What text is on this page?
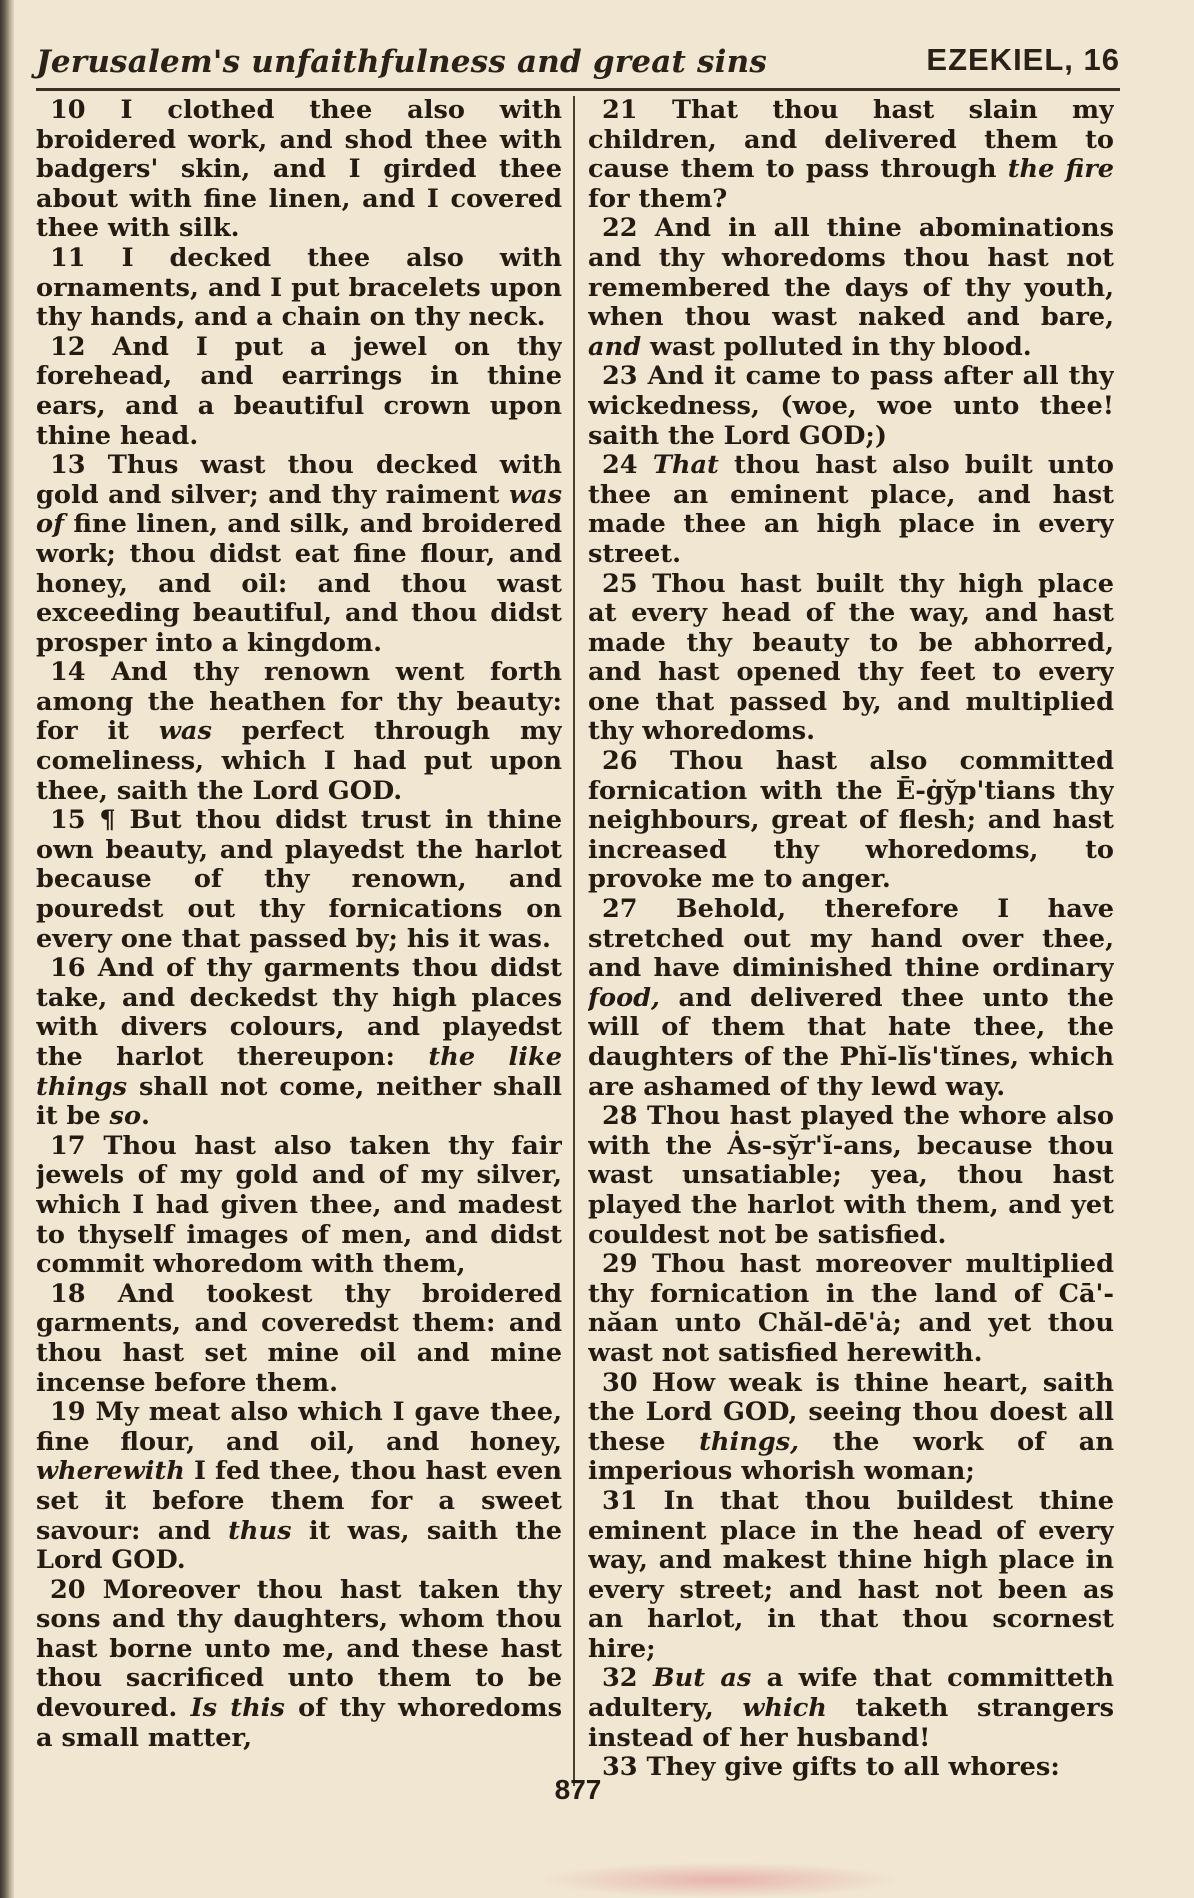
Jerusalem's unfaithfulness and great sins	EZEKIEL, 16

10 I clothed thee also with broidered work, and shod thee with badgers' skin, and I girded thee about with fine linen, and I covered thee with silk.

11 I decked thee also with ornaments, and I put bracelets upon thy hands, and a chain on thy neck.

12 And I put a jewel on thy forehead, and earrings in thine ears, and a beautiful crown upon thine head.

13 Thus wast thou decked with gold and silver; and thy raiment was of fine linen, and silk, and broidered work; thou didst eat fine flour, and honey, and oil: and thou wast exceeding beautiful, and thou didst prosper into a kingdom.

14 And thy renown went forth among the heathen for thy beauty: for it was perfect through my comeliness, which I had put upon thee, saith the Lord GOD.

15 ¶ But thou didst trust in thine own beauty, and playedst the harlot because of thy renown, and pouredst out thy fornications on every one that passed by; his it was.

16 And of thy garments thou didst take, and deckedst thy high places with divers colours, and playedst the harlot thereupon: the like things shall not come, neither shall it be so.

17 Thou hast also taken thy fair jewels of my gold and of my silver, which I had given thee, and madest to thyself images of men, and didst commit whoredom with them,

18 And tookest thy broidered garments, and coveredst them: and thou hast set mine oil and mine incense before them.

19 My meat also which I gave thee, fine flour, and oil, and honey, wherewith I fed thee, thou hast even set it before them for a sweet savour: and thus it was, saith the Lord GOD.

20 Moreover thou hast taken thy sons and thy daughters, whom thou hast borne unto me, and these hast thou sacrificed unto them to be devoured. Is this of thy whoredoms a small matter,

21 That thou hast slain my children, and delivered them to cause them to pass through the fire for them?

22 And in all thine abominations and thy whoredoms thou hast not remembered the days of thy youth, when thou wast naked and bare, and wast polluted in thy blood.

23 And it came to pass after all thy wickedness, (woe, woe unto thee! saith the Lord GOD;)

24 That thou hast also built unto thee an eminent place, and hast made thee an high place in every street.

25 Thou hast built thy high place at every head of the way, and hast made thy beauty to be abhorred, and hast opened thy feet to every one that passed by, and multiplied thy whoredoms.

26 Thou hast also committed fornication with the Ē-ġy̆p'tians thy neighbours, great of flesh; and hast increased thy whoredoms, to provoke me to anger.

27 Behold, therefore I have stretched out my hand over thee, and have diminished thine ordinary food, and delivered thee unto the will of them that hate thee, the daughters of the Phĭ-lĭs'tĭnes, which are ashamed of thy lewd way.

28 Thou hast played the whore also with the Ȧs-sy̆r'ĭ-ans, because thou wast unsatiable; yea, thou hast played the harlot with them, and yet couldest not be satisfied.

29 Thou hast moreover multiplied thy fornication in the land of Cā'-năan unto Chăl-dē'ȧ; and yet thou wast not satisfied herewith.

30 How weak is thine heart, saith the Lord GOD, seeing thou doest all these things, the work of an imperious whorish woman;

31 In that thou buildest thine eminent place in the head of every way, and makest thine high place in every street; and hast not been as an harlot, in that thou scornest hire;

32 But as a wife that committeth adultery, which taketh strangers instead of her husband!

33 They give gifts to all whores:

877
